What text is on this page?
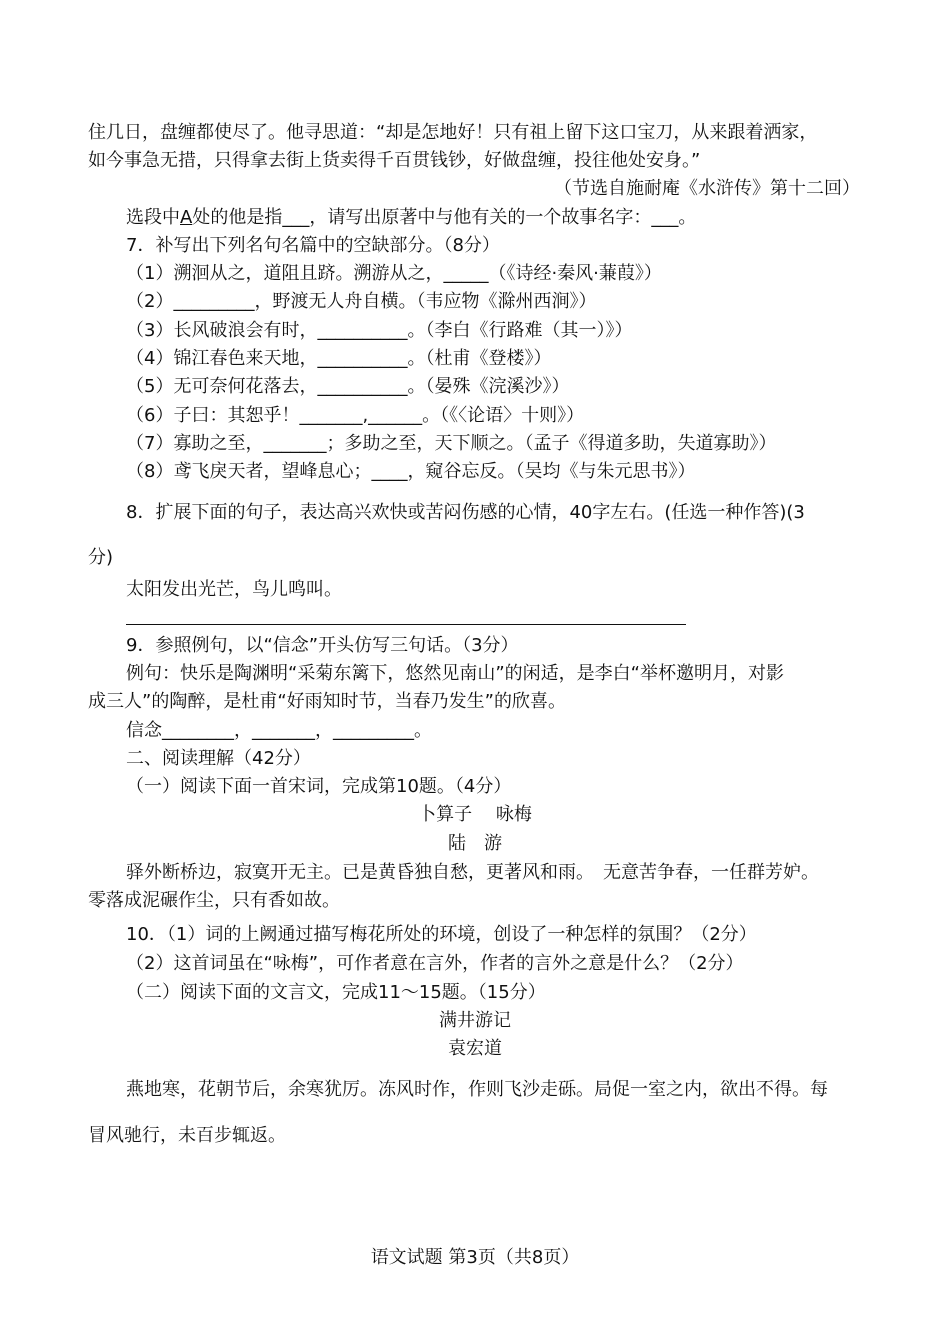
住几日，盘缠都使尽了。他寻思道：“却是怎地好！只有祖上留下这口宝刀，从来跟着洒家，
如今事急无措，只得拿去街上货卖得千百贯钱钞，好做盘缠，投往他处安身。”
（节选自施耐庵《水浒传》第十二回）
选段中A处的他是指___，请写出原著中与他有关的一个故事名字：___。
7．补写出下列名句名篇中的空缺部分。（8分）
（1）溯洄从之，道阻且跻。溯游从之，_____（《诗经·秦风·蒹葭》）
（2）_________，野渡无人舟自横。（韦应物《滁州西涧》）
（3）长风破浪会有时，__________。（李白《行路难（其一）》）
（4）锦江春色来天地，__________。（杜甫《登楼》）
（5）无可奈何花落去，__________。（晏殊《浣溪沙》）
（6）子曰：其恕乎！_______,______。（《〈论语〉十则》）
（7）寡助之至，_______；多助之至，天下顺之。（孟子《得道多助，失道寡助》）
（8）鸢飞戾天者，望峰息心；____，窥谷忘反。（吴均《与朱元思书》）
8．扩展下面的句子，表达高兴欢快或苦闷伤感的心情，40字左右。(任选一种作答)(3
分)
太阳发出光芒，鸟儿鸣叫。
9．参照例句，以“信念”开头仿写三句话。（3分）
例句：快乐是陶渊明“采菊东篱下，悠然见南山”的闲适，是李白“举杯邀明月，对影
成三人”的陶醉，是杜甫“好雨知时节，当春乃发生”的欣喜。
信念________，_______，_________。
二、阅读理解（42分）
（一）阅读下面一首宋词，完成第10题。（4分）
卜算子　 咏梅
陆　游
驿外断桥边，寂寞开无主。已是黄昏独自愁，更著风和雨。　无意苦争春，一任群芳妒。
零落成泥碾作尘，只有香如故。
10．（1）词的上阙通过描写梅花所处的环境，创设了一种怎样的氛围？（2分）
（2）这首词虽在“咏梅”，可作者意在言外，作者的言外之意是什么？（2分）
（二）阅读下面的文言文，完成11～15题。（15分）
满井游记
袁宏道
燕地寒，花朝节后，余寒犹厉。冻风时作，作则飞沙走砾。局促一室之内，欲出不得。每
冒风驰行，未百步辄返。
语文试题 第3页（共8页）
